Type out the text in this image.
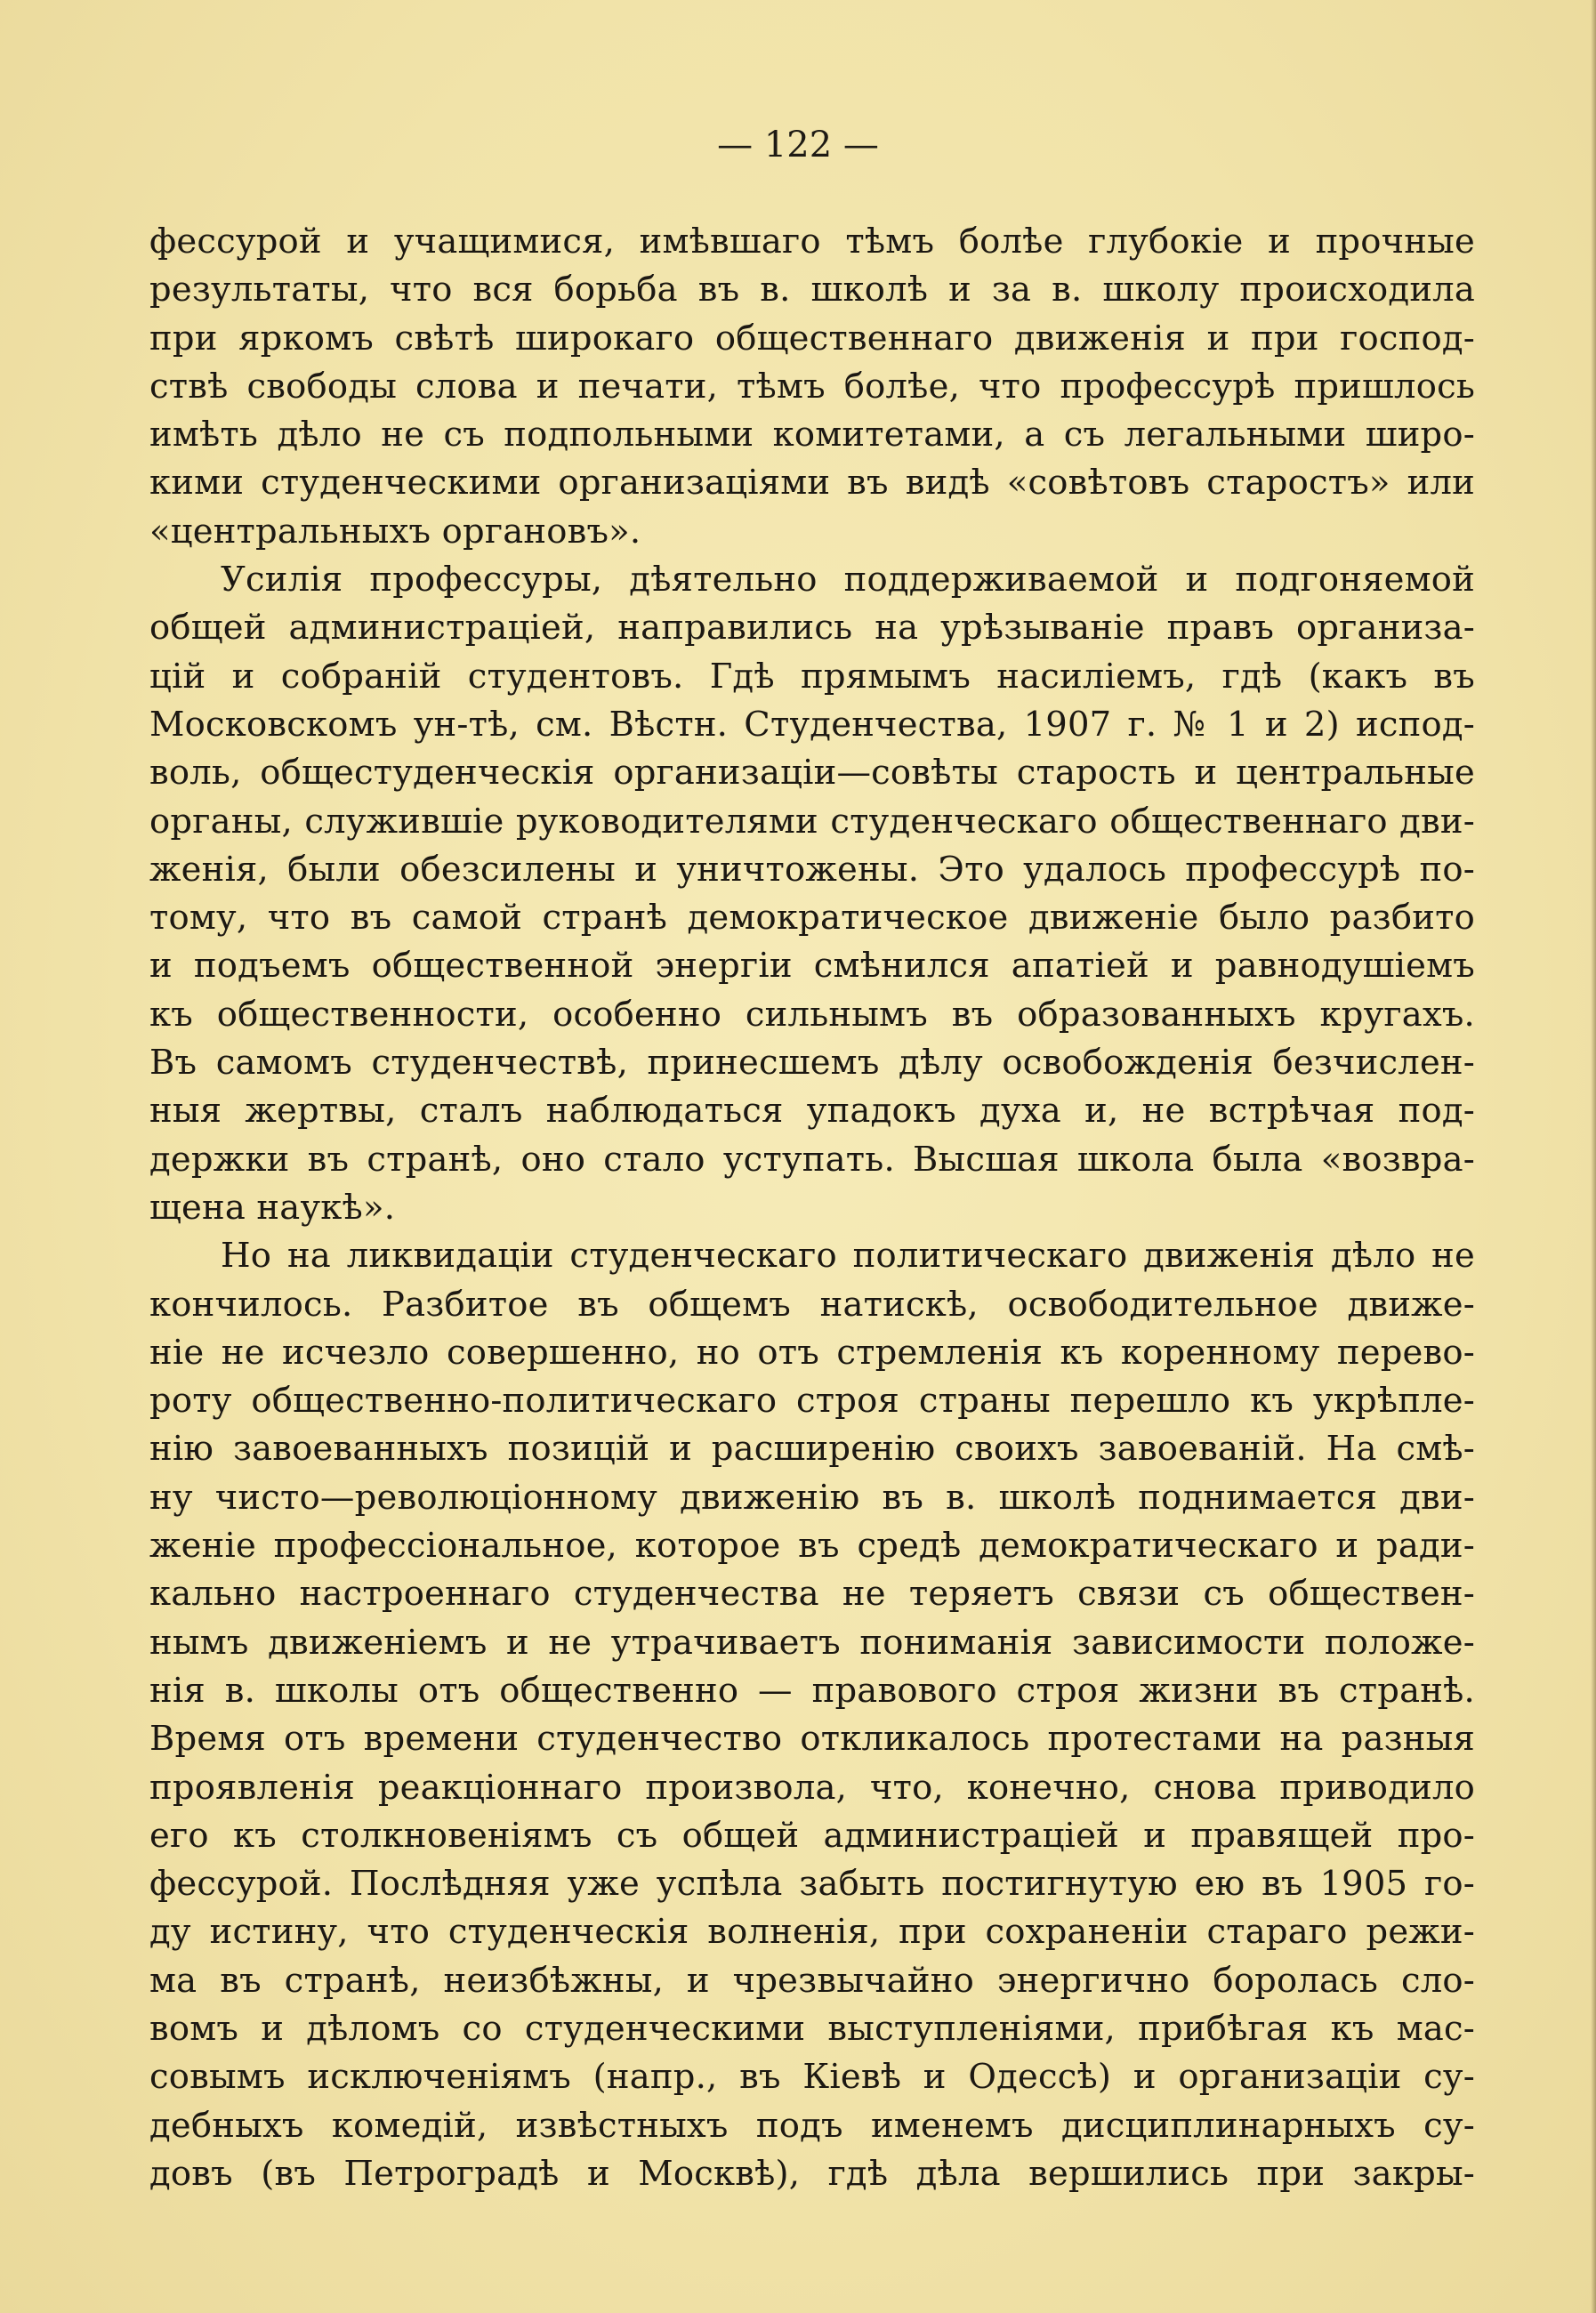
— 122 —
фессурой и учащимися, имѣвшаго тѣмъ болѣе глубокіе и прочные
результаты, что вся борьба въ в. школѣ и за в. школу происходила
при яркомъ свѣтѣ широкаго общественнаго движенія и при господ-
ствѣ свободы слова и печати, тѣмъ болѣе, что профессурѣ пришлось
имѣть дѣло не съ подпольными комитетами, а съ легальными широ-
кими студенческими организаціями въ видѣ «совѣтовъ старостъ» или
«центральныхъ органовъ».
Усилія профессуры, дѣятельно поддерживаемой и подгоняемой
общей администраціей, направились на урѣзываніе правъ организа-
цій и собраній студентовъ. Гдѣ прямымъ насиліемъ, гдѣ (какъ въ
Московскомъ ун-тѣ, см. Вѣстн. Студенчества, 1907 г. № 1 и 2) испод-
воль, общестуденческія организаціи—совѣты староcть и центральные
органы, служившіе руководителями студенческаго общественнаго дви-
женія, были обезсилены и уничтожены. Это удалось профессурѣ по-
тому, что въ самой странѣ демократическое движеніе было разбито
и подъемъ общественной энергіи смѣнился апатіей и равнодушіемъ
къ общественности, особенно сильнымъ въ образованныхъ кругахъ.
Въ самомъ студенчествѣ, принесшемъ дѣлу освобожденія безчислен-
ныя жертвы, сталъ наблюдаться упадокъ духа и, не встрѣчая под-
держки въ странѣ, оно стало уступать. Высшая школа была «возвра-
щена наукѣ».
Но на ликвидаціи студенческаго политическаго движенія дѣло не
кончилось. Разбитое въ общемъ натискѣ, освободительное движе-
ніе не исчезло совершенно, но отъ стремленія къ коренному перево-
роту общественно-политическаго строя страны перешло къ укрѣпле-
нію завоеванныхъ позицій и расширенію своихъ завоеваній. На смѣ-
ну чисто—революціонному движенію въ в. школѣ поднимается дви-
женіе профессіональное, которое въ средѣ демократическаго и ради-
кально настроеннаго студенчества не теряетъ связи съ обществен-
нымъ движеніемъ и не утрачиваетъ пониманія зависимости положе-
нія в. школы отъ общественно — правового строя жизни въ странѣ.
Время отъ времени студенчество откликалось протестами на разныя
проявленія реакціоннаго произвола, что, конечно, снова приводило
его къ столкновеніямъ съ общей администраціей и правящей про-
фессурой. Послѣдняя уже успѣла забыть постигнутую ею въ 1905 го-
ду истину, что студенческія волненія, при сохраненіи стараго режи-
ма въ странѣ, неизбѣжны, и чрезвычайно энергично боролась сло-
вомъ и дѣломъ со студенческими выступленіями, прибѣгая къ мас-
совымъ исключеніямъ (напр., въ Кіевѣ и Одессѣ) и организаціи су-
дебныхъ комедій, извѣстныхъ подъ именемъ дисциплинарныхъ су-
довъ (въ Петроградѣ и Москвѣ), гдѣ дѣла вершились при закры-
